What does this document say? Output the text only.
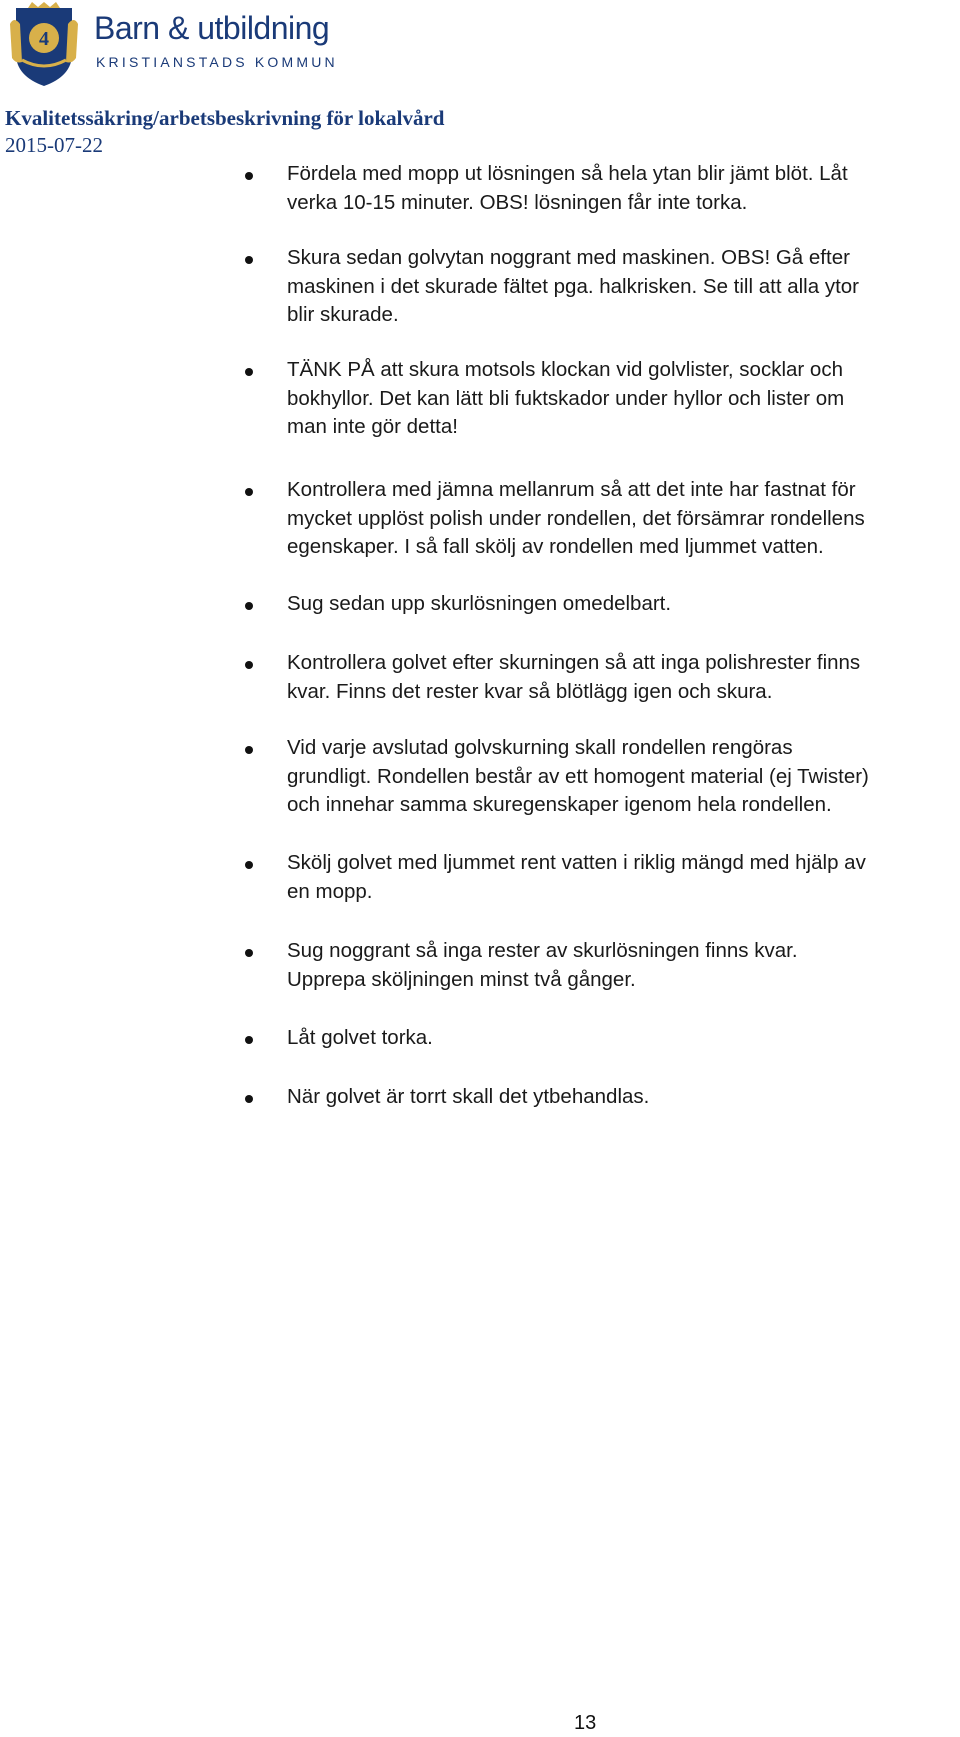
4 Barn & utbildning
KRISTIANSTADS KOMMUN
Kvalitetssäkring/arbetsbeskrivning för lokalvård
2015-07-22

Fördela med mopp ut lösningen så hela ytan blir jämt blöt. Låt
verka 10-15 minuter. OBS! lösningen får inte torka.

Skura sedan golvytan noggrant med maskinen. OBS! Gå efter
maskinen i det skurade fältet pga. halkrisken. Se till att alla ytor
blir skurade.

TÄNK PÅ att skura motsols klockan vid golvlister, socklar och
bokhyllor. Det kan lätt bli fuktskador under hyllor och lister om
man inte gör detta!

Kontrollera med jämna mellanrum så att det inte har fastnat för
mycket upplöst polish under rondellen, det försämrar rondellens
egenskaper. I så fall skölj av rondellen med ljummet vatten.

Sug sedan upp skurlösningen omedelbart.

Kontrollera golvet efter skurningen så att inga polishrester finns
kvar. Finns det rester kvar så blötlägg igen och skura.

Vid varje avslutad golvskurning skall rondellen rengöras
grundligt. Rondellen består av ett homogent material (ej Twister)
och innehar samma skuregenskaper igenom hela rondellen.

Skölj golvet med ljummet rent vatten i riklig mängd med hjälp av
en mopp.

Sug noggrant så inga rester av skurlösningen finns kvar.
Upprepa sköljningen minst två gånger.

Låt golvet torka.

När golvet är torrt skall det ytbehandlas.

13
